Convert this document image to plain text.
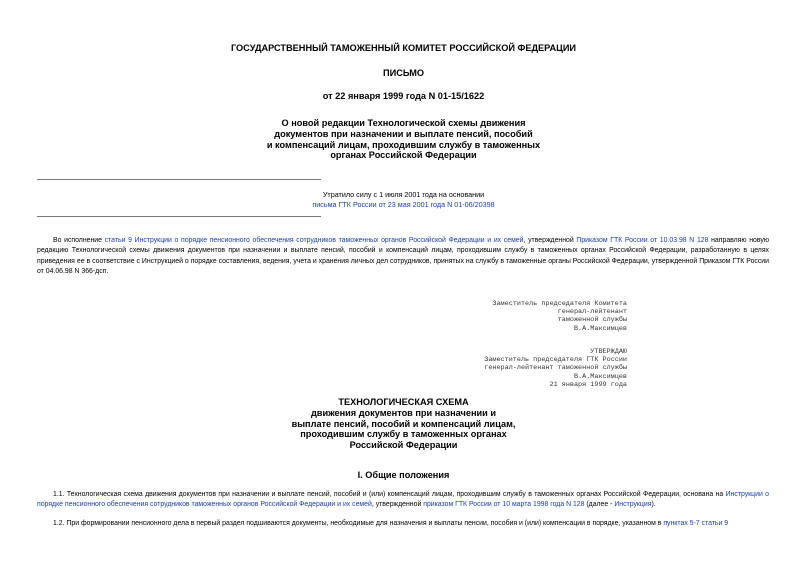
ГОСУДАРСТВЕННЫЙ ТАМОЖЕННЫЙ КОМИТЕТ РОССИЙСКОЙ ФЕДЕРАЦИИ
ПИСЬМО
от 22 января 1999 года N 01-15/1622
О новой редакции Технологической схемы движения
документов при назначении и выплате пенсий, пособий
и компенсаций лицам, проходившим службу в таможенных
органах Российской Федерации
Утратило силу с 1 июля 2001 года на основании
письма ГТК России от 23 мая 2001 года N 01-06/20398
Во исполнение статьи 9 Инструкции о порядке пенсионного обеспечения сотрудников таможенных органов Российской Федерации и их семей, утвержденной Приказом ГТК России от 10.03.98 N 128 направляю новую редакцию Технологической схемы движения документов при назначении и выплате пенсий, пособий и компенсаций лицам, проходившим службу в таможенных органах Российской Федерации, разработанную в целях приведения ее в соответствие с Инструкцией о порядке составления, ведения, учета и хранения личных дел сотрудников, принятых на службу в таможенные органы Российской Федерации, утвержденной Приказом ГТК России от 04.06.98 N 366-дсп.
Заместитель председателя Комитета
генерал-лейтенант
таможенной службы
В.А.Максимцев
УТВЕРЖДАЮ
Заместитель председателя ГТК России
генерал-лейтенант таможенной службы
В.А.Максимцев
21 января 1999 года
ТЕХНОЛОГИЧЕСКАЯ СХЕМА
движения документов при назначении и
выплате пенсий, пособий и компенсаций лицам,
проходившим службу в таможенных органах
Российской Федерации
I. Общие положения
1.1. Технологическая схема движения документов при назначении и выплате пенсий, пособий и (или) компенсаций лицам, проходившим службу в таможенных органах Российской Федерации, основана на Инструкции о порядке пенсионного обеспечения сотрудников таможенных органов Российской Федерации и их семей, утвержденной приказом ГТК России от 10 марта 1998 года N 128 (далее - Инструкция).
1.2. При формировании пенсионного дела в первый раздел подшиваются документы, необходимые для назначения и выплаты пенсии, пособия и (или) компенсации в порядке, указанном в пунктах 5-7 статьи 9
